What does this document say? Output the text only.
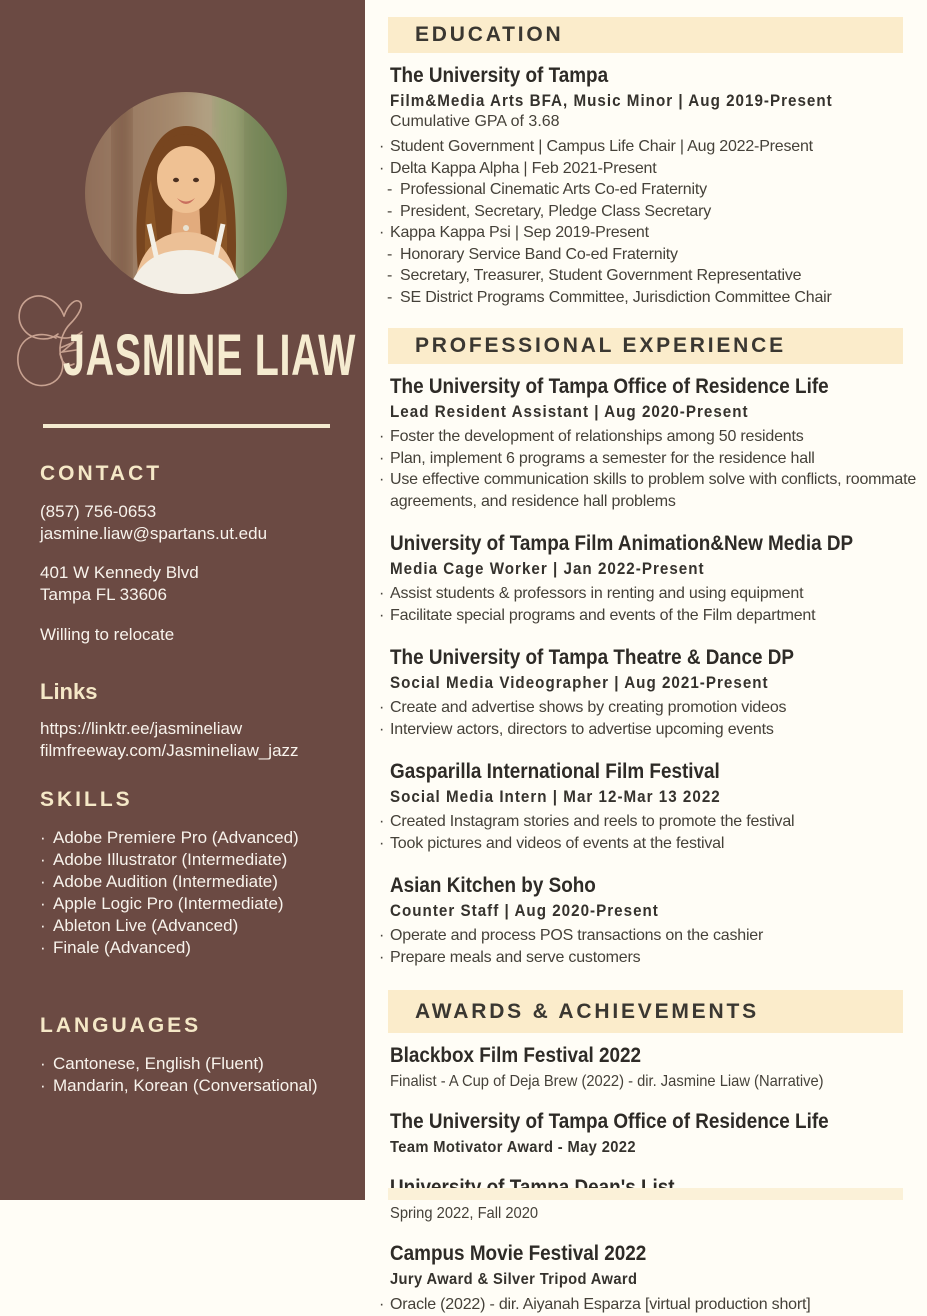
JASMINE LIAW
CONTACT
(857) 756-0653
jasmine.liaw@spartans.ut.edu
401 W Kennedy Blvd
Tampa FL 33606
Willing to relocate
Links
https://linktr.ee/jasmineliaw
filmfreeway.com/Jasmineliaw_jazz
SKILLS
· Adobe Premiere Pro (Advanced)
· Adobe Illustrator (Intermediate)
· Adobe Audition (Intermediate)
· Apple Logic Pro (Intermediate)
· Ableton Live (Advanced)
· Finale (Advanced)
LANGUAGES
· Cantonese, English (Fluent)
· Mandarin, Korean (Conversational)
EDUCATION
The University of Tampa
Film&Media Arts BFA, Music Minor | Aug 2019-Present
Cumulative GPA of 3.68
· Student Government | Campus Life Chair | Aug 2022-Present
· Delta Kappa Alpha | Feb 2021-Present
- Professional Cinematic Arts Co-ed Fraternity
- President, Secretary, Pledge Class Secretary
· Kappa Kappa Psi | Sep 2019-Present
- Honorary Service Band Co-ed Fraternity
- Secretary, Treasurer, Student Government Representative
- SE District Programs Committee, Jurisdiction Committee Chair
PROFESSIONAL EXPERIENCE
The University of Tampa Office of Residence Life
Lead Resident Assistant | Aug 2020-Present
· Foster the development of relationships among 50 residents
· Plan, implement 6 programs a semester for the residence hall
· Use effective communication skills to problem solve with conflicts, roommate agreements, and residence hall problems
University of Tampa Film Animation&New Media DP
Media Cage Worker | Jan 2022-Present
· Assist students & professors in renting and using equipment
· Facilitate special programs and events of the Film department
The University of Tampa Theatre & Dance DP
Social Media Videographer | Aug 2021-Present
· Create and advertise shows by creating promotion videos
· Interview actors, directors to advertise upcoming events
Gasparilla International Film Festival
Social Media Intern | Mar 12-Mar 13 2022
· Created Instagram stories and reels to promote the festival
· Took pictures and videos of events at the festival
Asian Kitchen by Soho
Counter Staff | Aug 2020-Present
· Operate and process POS transactions on the cashier
· Prepare meals and serve customers
AWARDS & ACHIEVEMENTS
Blackbox Film Festival 2022
Finalist - A Cup of Deja Brew (2022) - dir. Jasmine Liaw (Narrative)
The University of Tampa Office of Residence Life
Team Motivator Award - May 2022
Spring 2022, Fall 2020
Campus Movie Festival 2022
Jury Award & Silver Tripod Award
· Oracle (2022) - dir. Aiyanah Esparza [virtual production short]
